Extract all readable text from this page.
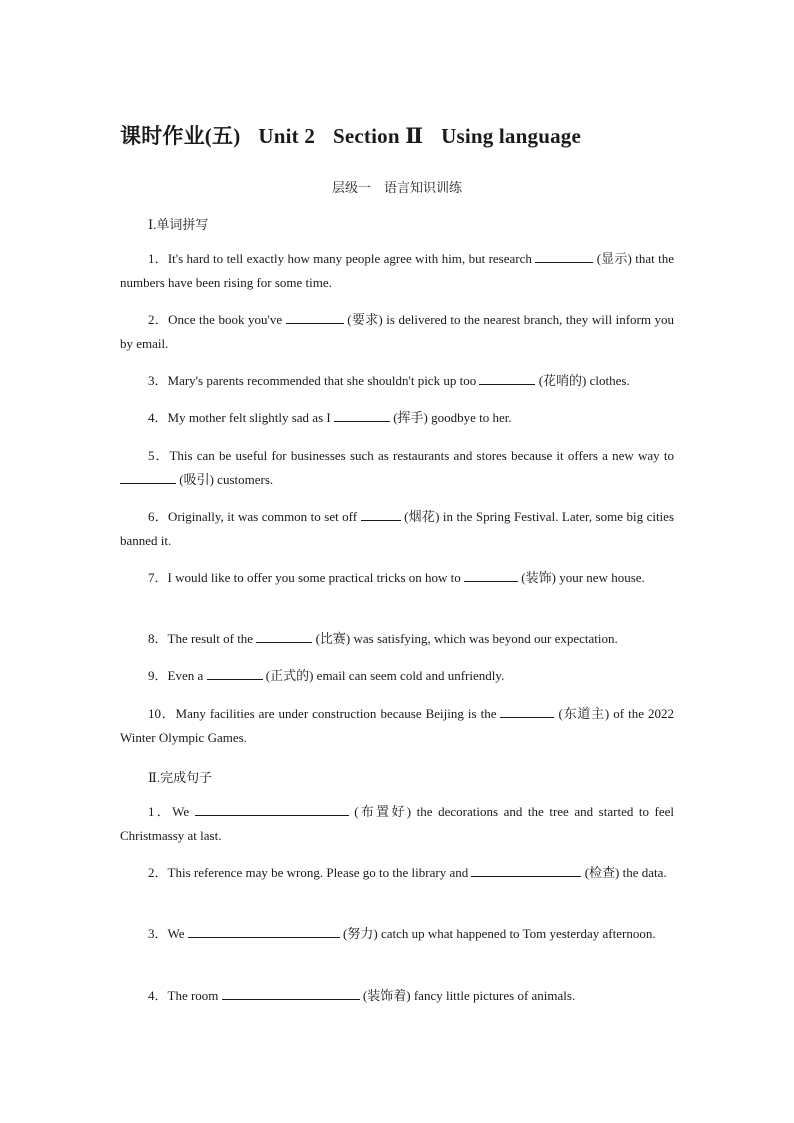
课时作业(五) Unit 2 Section Ⅱ Using language
层级一　语言知识训练
Ⅰ.单词拼写
1．It's hard to tell exactly how many people agree with him, but research	(显示) that the numbers have been rising for some time.
2．Once the book you've	(要求) is delivered to the nearest branch, they will inform you by email.
3．Mary's parents recommended that she shouldn't pick up too	(花哨的) clothes.
4．My mother felt slightly sad as I	(挥手) goodbye to her.
5．This can be useful for businesses such as restaurants and stores because it offers a new way to  (吸引) customers.
6．Originally, it was common to set off	(烟花) in the Spring Festival. Later, some big cities banned it.
7．I would like to offer you some practical tricks on how to	(装饰) your new house.
8．The result of the	(比赛) was satisfying, which was beyond our expectation.
9．Even a	(正式的) email can seem cold and unfriendly.
10．Many facilities are under construction because Beijing is the	(东道主) of the 2022 Winter Olympic Games.
Ⅱ.完成句子
1．We	(布置好) the decorations and the tree and started to feel Christmassy at last.
2．This reference may be wrong. Please go to the library and	(检查) the data.
3．We	(努力) catch up what happened to Tom yesterday afternoon.
4．The room	(装饰着) fancy little pictures of animals.
